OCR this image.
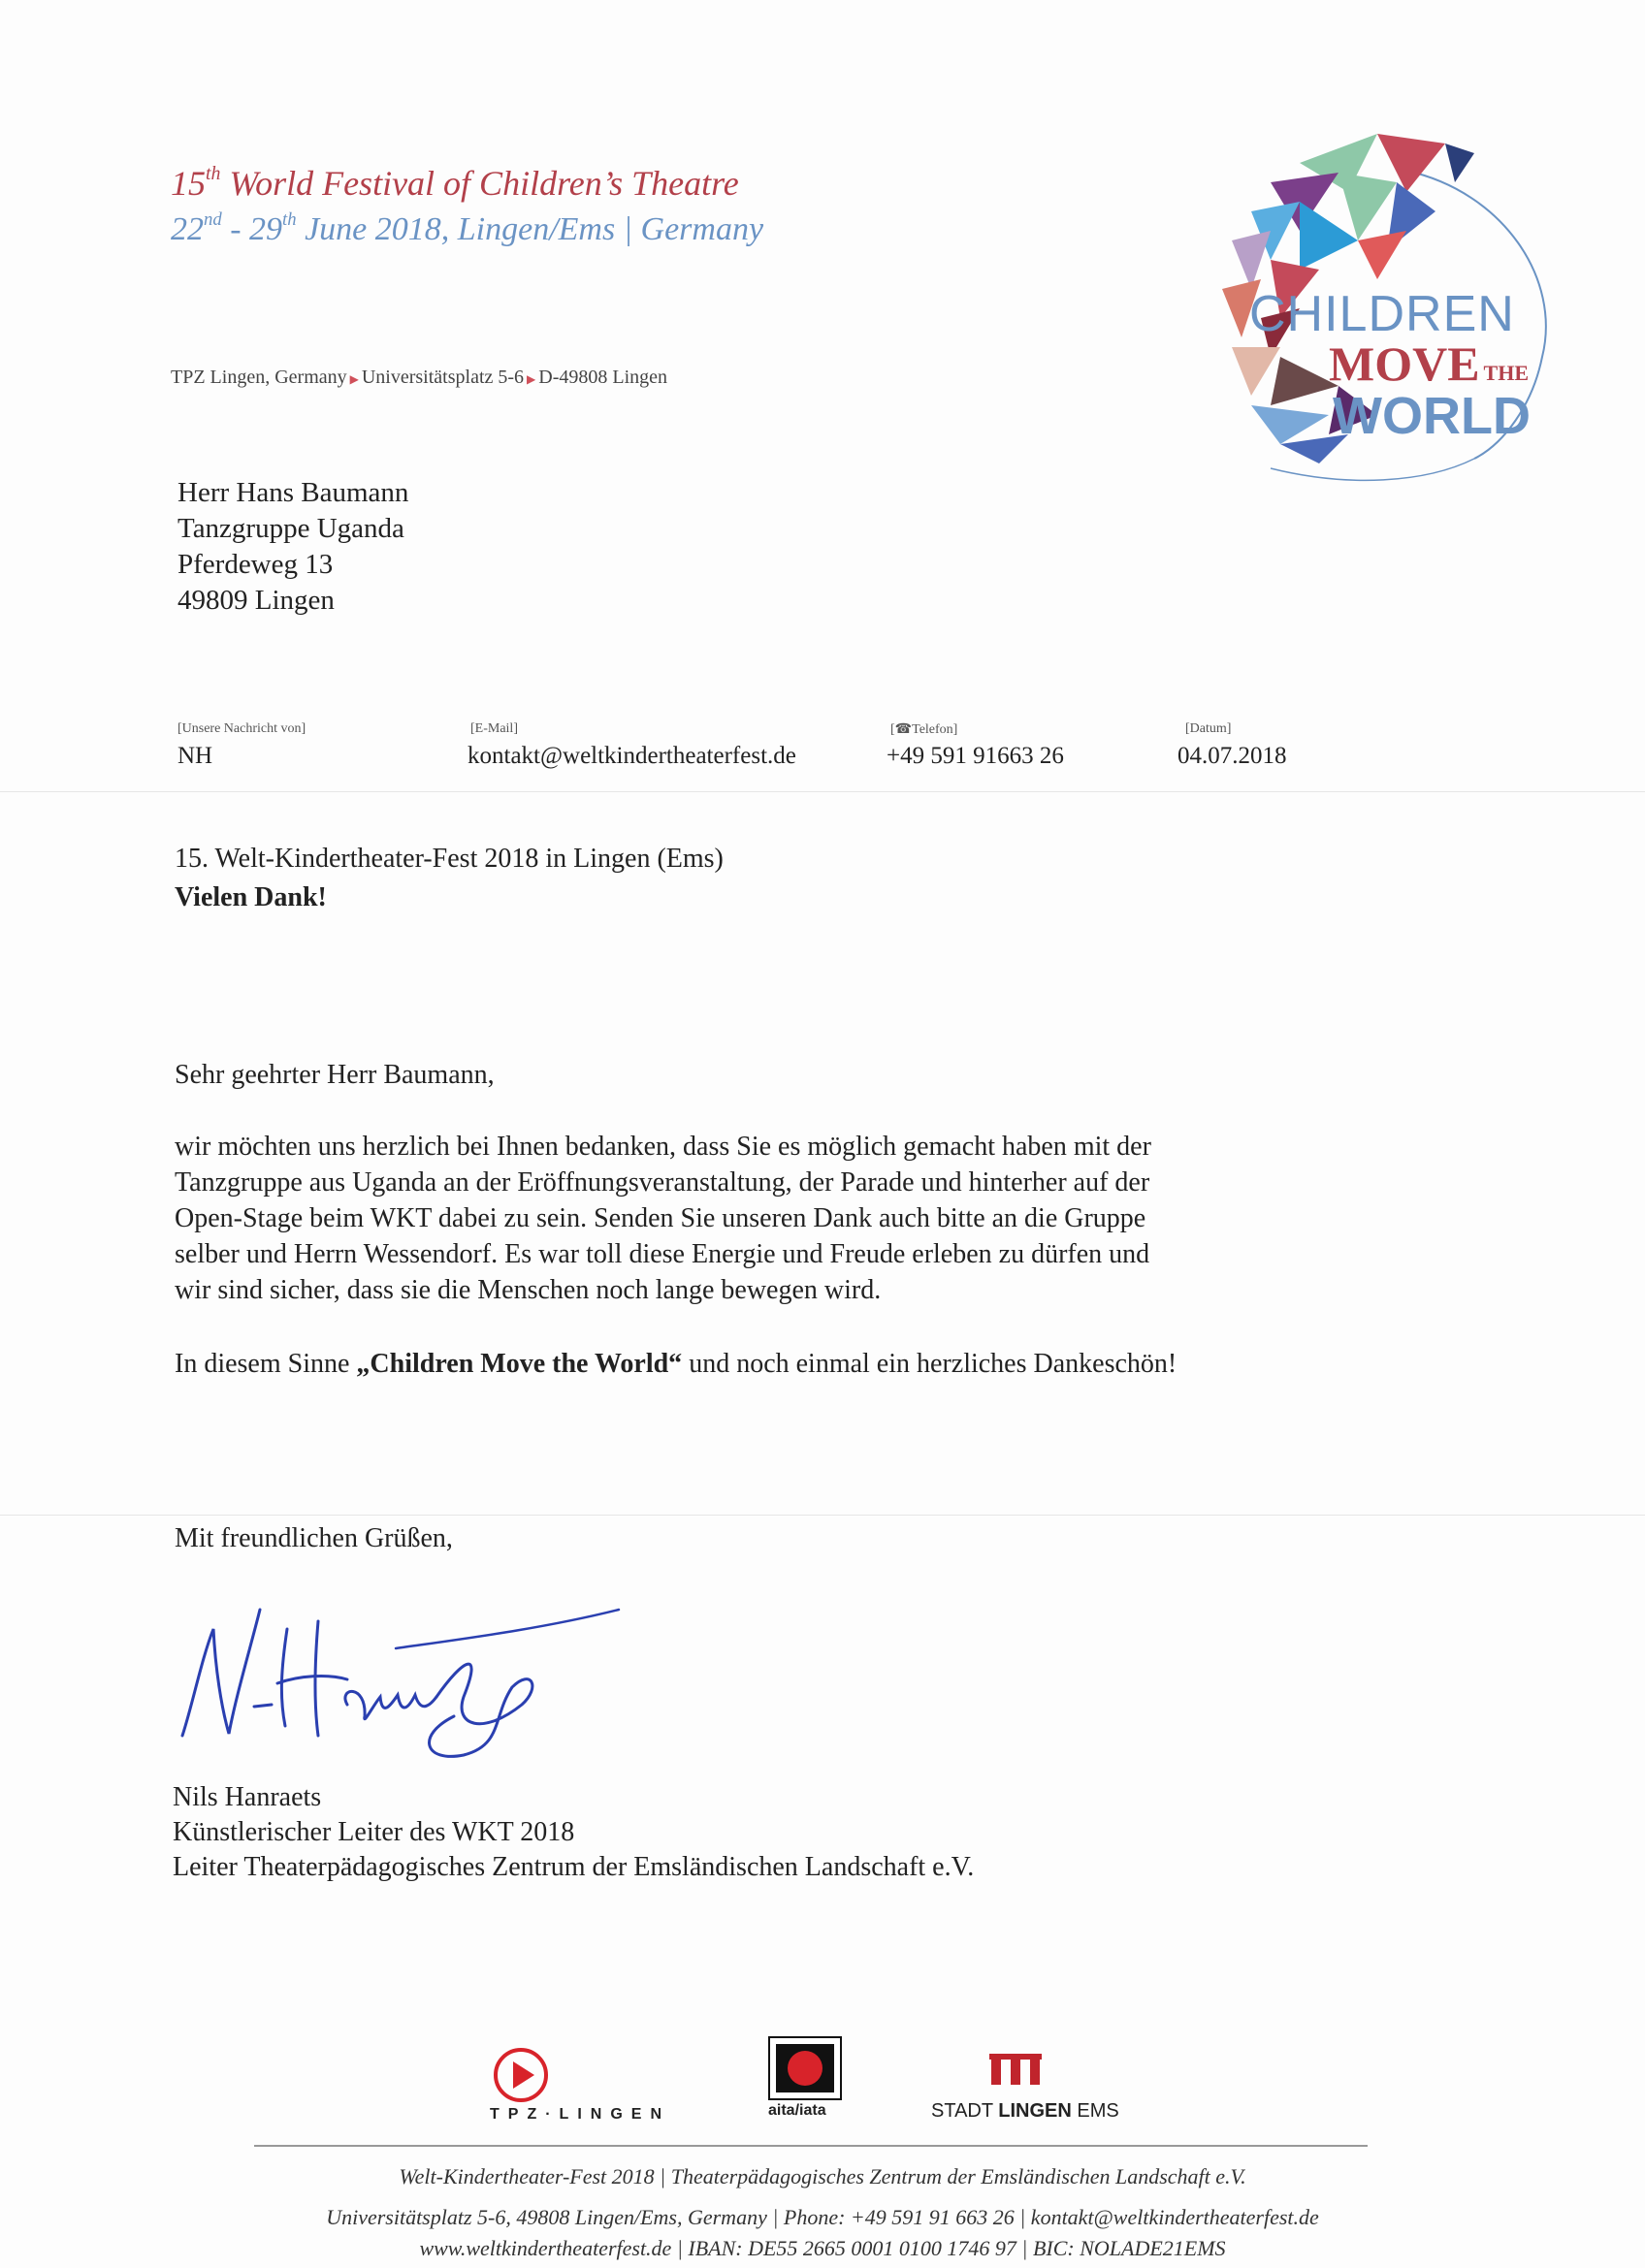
15th World Festival of Children’s Theatre
22nd - 29th June 2018, Lingen/Ems | Germany
CHILDREN
MOVE THE
WORLD
TPZ Lingen, Germany ▶ Universitätsplatz 5-6 ▶ D-49808 Lingen
Herr Hans Baumann
Tanzgruppe Uganda
Pferdeweg 13
49809 Lingen
[Unsere Nachricht von]
NH
[E-Mail]
kontakt@weltkindertheaterfest.de
[☎Telefon]
+49 591 91663 26
[Datum]
04.07.2018
15. Welt-Kindertheater-Fest 2018 in Lingen (Ems)
Vielen Dank!
Sehr geehrter Herr Baumann,
wir möchten uns herzlich bei Ihnen bedanken, dass Sie es möglich gemacht haben mit der
Tanzgruppe aus Uganda an der Eröffnungsveranstaltung, der Parade und hinterher auf der
Open-Stage beim WKT dabei zu sein. Senden Sie unseren Dank auch bitte an die Gruppe
selber und Herrn Wessendorf. Es war toll diese Energie und Freude erleben zu dürfen und
wir sind sicher, dass sie die Menschen noch lange bewegen wird.
In diesem Sinne „Children Move the World“ und noch einmal ein herzliches Dankeschön!
Mit freundlichen Grüßen,
Nils Hanraets
Künstlerischer Leiter des WKT 2018
Leiter Theaterpädagogisches Zentrum der Emsländischen Landschaft e.V.
TPZ·LINGEN	aita/iata	STADT LINGEN EMS
Welt-Kindertheater-Fest 2018 | Theaterpädagogisches Zentrum der Emsländischen Landschaft e.V.
Universitätsplatz 5-6, 49808 Lingen/Ems, Germany | Phone: +49 591 91 663 26 | kontakt@weltkindertheaterfest.de
www.weltkindertheaterfest.de | IBAN: DE55 2665 0001 0100 1746 97 | BIC: NOLADE21EMS
